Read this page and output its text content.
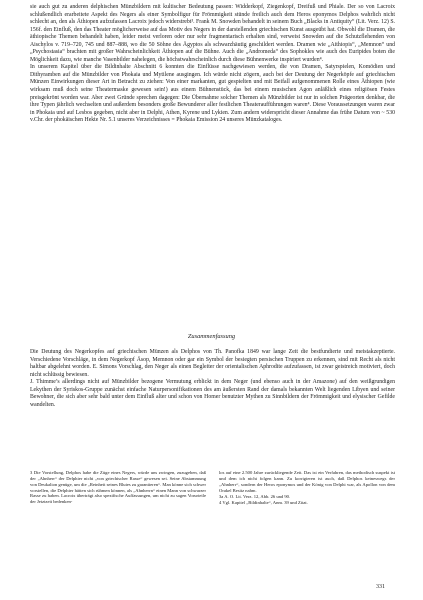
sie auch gut zu anderen delphischen Münzbildern mit kultischer Bedeutung passen: Widderkopf, Ziegenkopf, Dreifuß und Phiale. Der so von Lacroix schlußendlich erarbeitete Aspekt des Negers als einer Symbolfigur für Frömmigkeit stünde freilich auch dem Heros eponymos Delphos wahrlich nicht schlecht an, den als Äthiopen aufzufassen Lacroix jedoch widerstrebt³. Frank M. Snowden behandelt in seinem Buch „Blacks in Antiquity“ (Lit. Verz. 12) S. 156f. den Einfluß, den das Theater möglicherweise auf das Motiv des Negers in der darstellenden griechischen Kunst ausgeübt hat. Obwohl die Dramen, die äthiopische Themen behandelt haben, leider meist verloren oder nur sehr fragmentarisch erhalten sind, verweist Snowden auf die Schutzflehenden von Aischylos v. 719–720, 745 und 887–888, wo die 50 Söhne des Ägyptos als schwarzhäutig geschildert werden. Dramen wie „Aithiopis“, „Memnon“ und „Psychostasia“ brachten mit großer Wahrscheinlichkeit Äthiopen auf die Bühne. Auch die „Andromeda“ des Sophokles wie auch des Euripides boten die Möglichkeit dazu, wie manche Vasenbilder nahelegen, die höchstwahrscheinlich durch diese Bühnenwerke inspiriert wurden⁴.

In unserem Kapitel über die Bildinhalte Abschnitt 6 konnten die Einflüsse nachgewiesen werden, die von Dramen, Satyrspielen, Komödien und Dithyramben auf die Münzbilder von Phokaia und Mytilene ausgingen. Ich würde nicht zögern, auch bei der Deutung der Negerköpfe auf griechischen Münzen Einwirkungen dieser Art in Betracht zu ziehen: Von einer markanten, gut gespielten und mit Beifall aufgenommenen Rolle eines Äthiopen (wie wirksam muß doch seine Theatermaske gewesen sein!) aus einem Bühnenstück, das bei einem musischen Agon anläßlich eines religiösen Festes preisgekrönt worden war. Aber zwei Gründe sprechen dagegen: Die Übernahme solcher Themen als Münzbilder ist nur in solchen Prägeorten denkbar, die ihre Typen jährlich wechselten und außerdem besonders große Bewunderer aller festlichen Theateraufführungen waren⁴. Diese Voraussetzungen waren zwar in Phokaia und auf Lesbos gegeben, nicht aber in Delphi, Athen, Kyrene und Lykien. Zum andern widerspricht dieser Annahme das frühe Datum von ~ 530 v.Chr. der phokäischen Hekte Nr. 5.1 unseres Verzeichnisses = Phokaia Emission 24 unseres Münzkataloges.

Zusammenfassung

Die Deutung des Negerkopfes auf griechischen Münzen als Delphos von Th. Panofka 1849 war lange Zeit die bestfundierte und meistakzeptierte. Verschiedene Vorschläge, in dem Negerkopf Äsop, Memnon oder gar ein Symbol der besiegten persischen Truppen zu erkennen, sind mit Recht als nicht haltbar abgelehnt worden. E. Simons Vorschlag, den Neger als einen Begleiter der orientalischen Aphrodite aufzufassen, ist zwar geistreich motiviert, doch nicht schlüssig bewiesen.

J. Thimme’s allerdings nicht auf Münzbilder bezogene Vermutung erblickt in dem Neger (und ebenso auch in der Amazone) auf den weißgrundigen Lekythen der Syriskos-Gruppe zunächst einfache Naturpersonifikationen des am äußersten Rand der damals bekannten Welt liegenden Libyen und seiner Bewohner, die sich aber sehr bald unter dem Einfluß alter und schon von Homer benutzter Mythen zu Sinnbildern der Frömmigkeit und elysischer Gefilde wandelten.

3 Die Vorstellung, Delphos habe die Züge eines Negers, würde uns zwingen, zuzugeben, daß der „Ahnherr“ der Delphier nicht „von griechischer Rasse“ gewesen sei. Seine Abstammung von Deukalion genüge, um die „Reinheit seines Blutes zu garantieren“. Man könne sich schwer vorstellen, die Delphier hätten sich rühmen können, als „Ahnherrn“ einen Mann von schwarzer Rasse zu haben. Lacroix überträgt also spezifische Auffassungen, um nicht zu sagen Vorurteile der Jetztzeit bedenken-

los auf eine 2.500 Jahre zurückliegende Zeit. Das ist ein Verfahren, das methodisch suspekt ist und dem ich nicht folgen kann. Zu korrigieren ist auch, daß Delphos keineswegs der „Ahnherr“, sondern der Heros eponymos und der König von Delphi war, als Apollon von dem Orakel Besitz nahm.

3a A. O. Lit. Verz. 12, Abb. 26 und 90.

4 Vgl. Kapitel „Bildinhalte“, Anm. 39 und Zitat.

331
